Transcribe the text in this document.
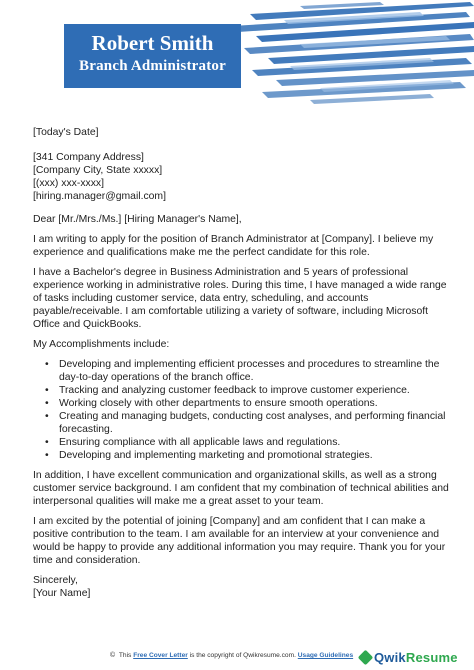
Robert Smith
Branch Administrator

[Today's Date]

[341 Company Address]

[Company City, State xxxxx]

[(xxx) xxx-xxxx]

[hiring.manager@gmail.com]

Dear [Mr./Mrs./Ms.] [Hiring Manager's Name],

I am writing to apply for the position of Branch Administrator at [Company]. I believe my experience and qualifications make me the perfect candidate for this role.

I have a Bachelor's degree in Business Administration and 5 years of professional experience working in administrative roles. During this time, I have managed a wide range of tasks including customer service, data entry, scheduling, and accounts payable/receivable. I am comfortable utilizing a variety of software, including Microsoft Office and QuickBooks.

My Accomplishments include:

• Developing and implementing efficient processes and procedures to streamline the day-to-day operations of the branch office.
• Tracking and analyzing customer feedback to improve customer experience.
• Working closely with other departments to ensure smooth operations.
• Creating and managing budgets, conducting cost analyses, and performing financial forecasting.
• Ensuring compliance with all applicable laws and regulations.
• Developing and implementing marketing and promotional strategies.

In addition, I have excellent communication and organizational skills, as well as a strong customer service background. I am confident that my combination of technical abilities and interpersonal qualities will make me a great asset to your team.

I am excited by the potential of joining [Company] and am confident that I can make a positive contribution to the team. I am available for an interview at your convenience and would be happy to provide any additional information you may require. Thank you for your time and consideration.

Sincerely,

[Your Name]

© This Free Cover Letter is the copyright of Qwikresume.com. Usage Guidelines QwikResume
